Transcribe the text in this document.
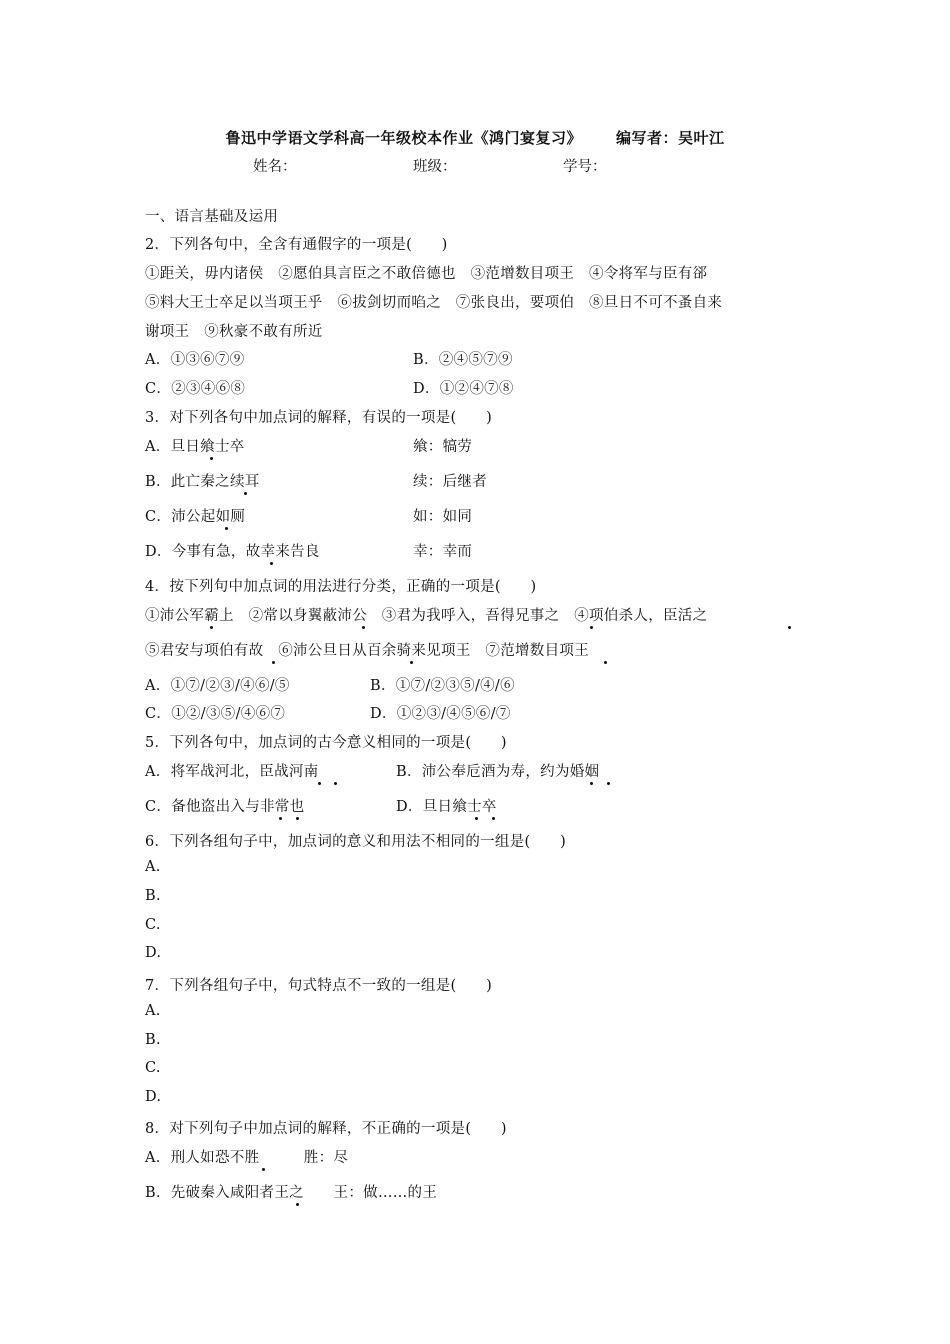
鲁迅中学语文学科高一年级校本作业《鸿门宴复习》 编写者：吴叶江
姓名：	班级：	学号：
一、语言基础及运用
2．下列各句中，全含有通假字的一项是(　　)
①距关，毋内诸侯　②愿伯具言臣之不敢倍德也　③范增数目项王　④令将军与臣有郤
⑤料大王士卒足以当项王乎　⑥拔剑切而啗之　⑦张良出，要项伯　⑧旦日不可不蚤自来
谢项王　⑨秋豪不敢有所近
A．①③⑥⑦⑨	B．②④⑤⑦⑨
C．②③④⑥⑧	D．①②④⑦⑧
3．对下列各句中加点词的解释，有误的一项是(　　)
A．旦日飨士卒	飨：犒劳
B．此亡秦之续耳	续：后继者
C．沛公起如厕	如：如同
D．今事有急，故幸来告良	幸：幸而
4．按下列句中加点词的用法进行分类，正确的一项是(　　)
①沛公军霸上　②常以身翼蔽沛公　③君为我呼入，吾得兄事之　④项伯杀人，臣活之
⑤君安与项伯有故　⑥沛公旦日从百余骑来见项王　⑦范增数目项王
A．①⑦/②③/④⑥/⑤	B．①⑦/②③⑤/④/⑥
C．①②/③⑤/④⑥⑦	D．①②③/④⑤⑥/⑦
5．下列各句中，加点词的古今意义相同的一项是(　　)
A．将军战河北，臣战河南	B．沛公奉卮酒为寿，约为婚姻
C．备他盗出入与非常也	D．旦日飨士卒
6．下列各组句子中，加点词的意义和用法不相同的一组是(　　)
A.
B.
C.
D.
7．下列各组句子中，句式特点不一致的一组是(　　)
A.
B.
C.
D.
8．对下列句子中加点词的解释，不正确的一项是(　　)
A．刑人如恐不胜　　　胜：尽
B．先破秦入咸阳者王之　　王：做……的王
